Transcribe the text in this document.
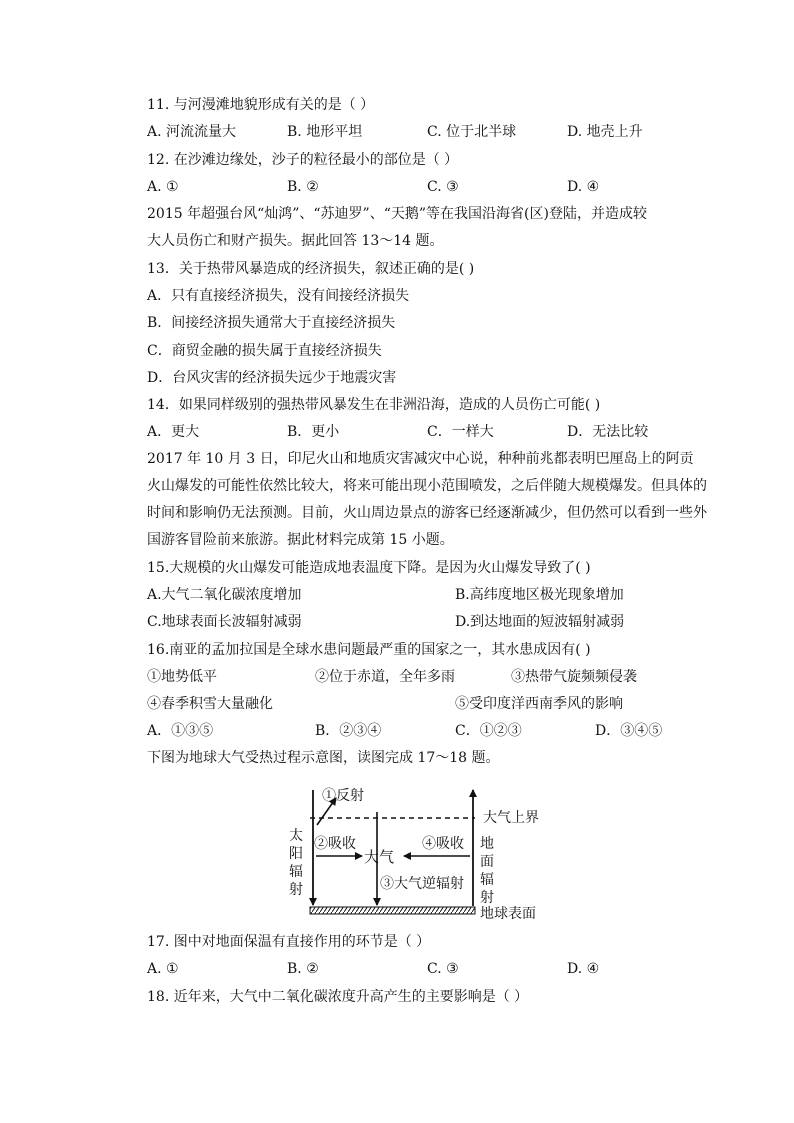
11. 与河漫滩地貌形成有关的是（ ）
A. 河流流量大	B. 地形平坦	C. 位于北半球	D. 地壳上升
12. 在沙滩边缘处，沙子的粒径最小的部位是（ ）
A. ①	B. ②	C. ③	D. ④
2015 年超强台风“灿鸿”、“苏迪罗”、“天鹅”等在我国沿海省(区)登陆，并造成较
大人员伤亡和财产损失。据此回答 13～14 题。
13．关于热带风暴造成的经济损失，叙述正确的是( )
A．只有直接经济损失，没有间接经济损失
B．间接经济损失通常大于直接经济损失
C．商贸金融的损失属于直接经济损失
D．台风灾害的经济损失远少于地震灾害
14．如果同样级别的强热带风暴发生在非洲沿海，造成的人员伤亡可能( )
A．更大	B．更小	C．一样大	D．无法比较
2017 年 10 月 3 日，印尼火山和地质灾害减灾中心说，种种前兆都表明巴厘岛上的阿贡
火山爆发的可能性依然比较大，将来可能出现小范围喷发，之后伴随大规模爆发。但具体的
时间和影响仍无法预测。目前，火山周边景点的游客已经逐渐减少，但仍然可以看到一些外
国游客冒险前来旅游。据此材料完成第 15 小题。
15.大规模的火山爆发可能造成地表温度下降。是因为火山爆发导致了( )
A.大气二氧化碳浓度增加	B.高纬度地区极光现象增加
C.地球表面长波辐射减弱	D.到达地面的短波辐射减弱
16.南亚的孟加拉国是全球水患问题最严重的国家之一，其水患成因有( )
①地势低平	②位于赤道，全年多雨	③热带气旋频频侵袭
④春季积雪大量融化	⑤受印度洋西南季风的影响
A．①③⑤	B．②③④	C．①②③	D．③④⑤
下图为地球大气受热过程示意图，读图完成 17～18 题。
大气上界
地球表面
①反射
太
阳
辐
射
②吸收
大气
③大气逆辐射
④吸收 地
面
辐
射
17. 图中对地面保温有直接作用的环节是（ ）
A. ①	B. ②	C. ③	D. ④
18. 近年来，大气中二氧化碳浓度升高产生的主要影响是（ ）
